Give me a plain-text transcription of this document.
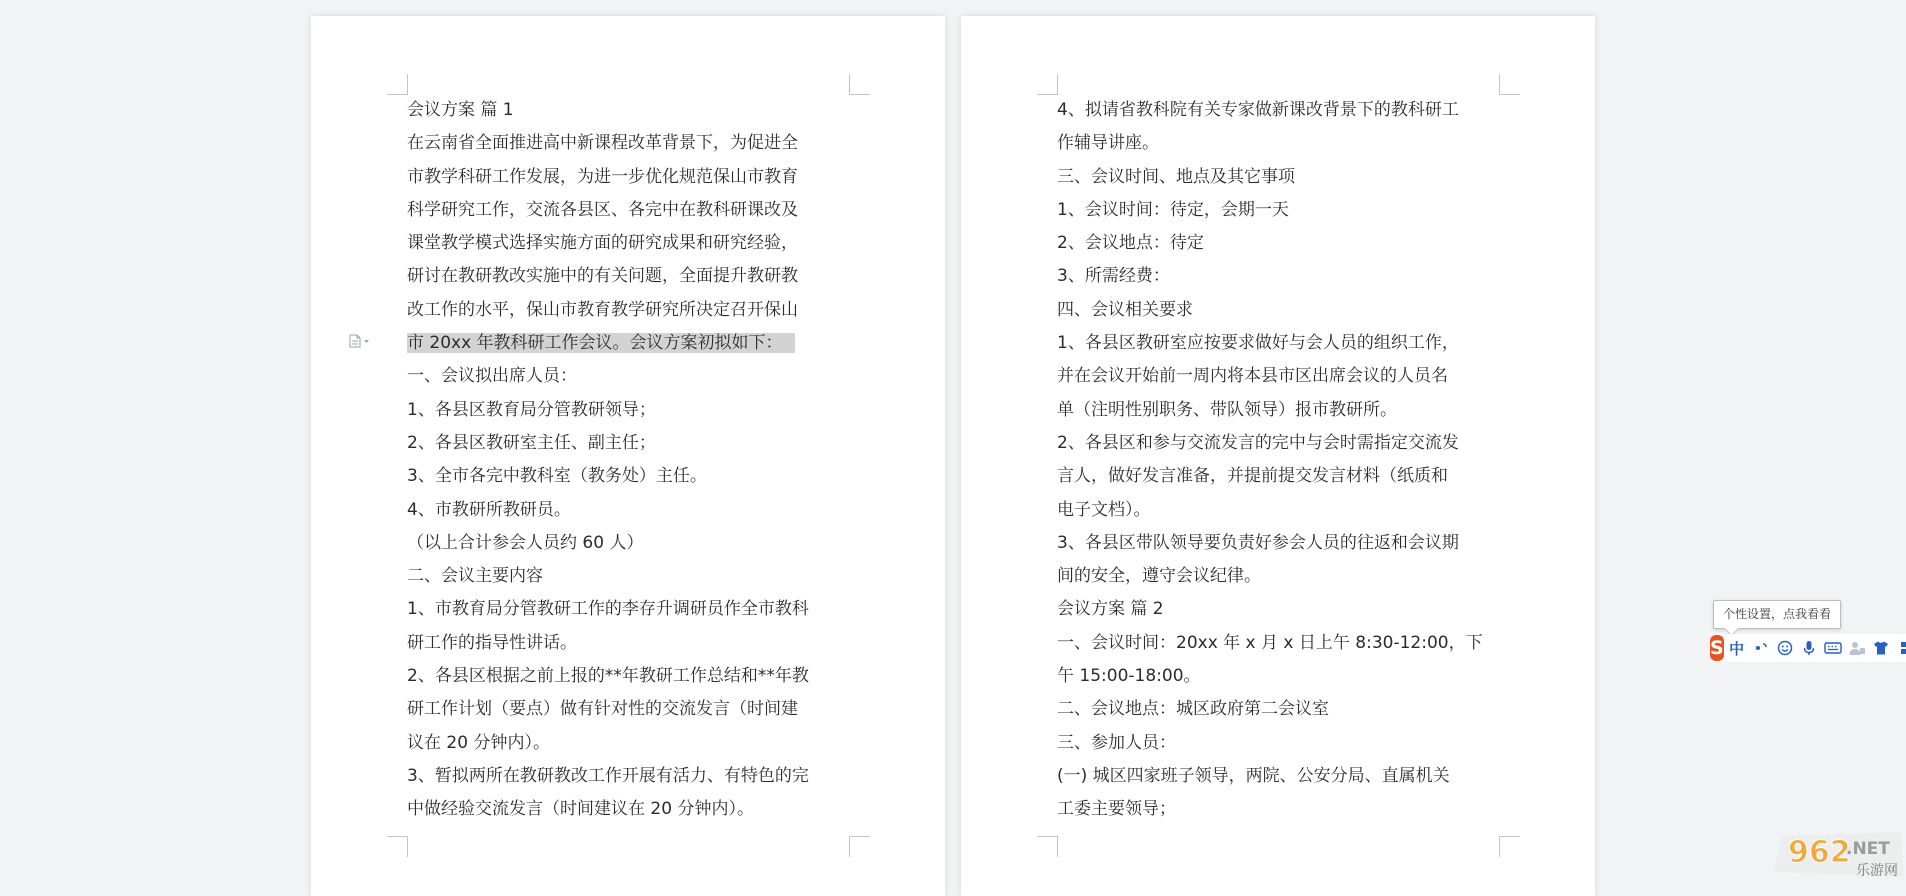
会议方案 篇 1
在云南省全面推进高中新课程改革背景下，为促进全
市教学科研工作发展，为进一步优化规范保山市教育
科学研究工作，交流各县区、各完中在教科研课改及
课堂教学模式选择实施方面的研究成果和研究经验，
研讨在教研教改实施中的有关问题，全面提升教研教
改工作的水平，保山市教育教学研究所决定召开保山
市 20xx 年教科研工作会议。会议方案初拟如下：
一、会议拟出席人员：
1、各县区教育局分管教研领导；
2、各县区教研室主任、副主任；
3、全市各完中教科室（教务处）主任。
4、市教研所教研员。
（以上合计参会人员约 60 人）
二、会议主要内容
1、市教育局分管教研工作的李存升调研员作全市教科
研工作的指导性讲话。
2、各县区根据之前上报的**年教研工作总结和**年教
研工作计划（要点）做有针对性的交流发言（时间建
议在 20 分钟内）。
3、暂拟两所在教研教改工作开展有活力、有特色的完
中做经验交流发言（时间建议在 20 分钟内）。
4、拟请省教科院有关专家做新课改背景下的教科研工
作辅导讲座。
三、会议时间、地点及其它事项
1、会议时间：待定，会期一天
2、会议地点：待定
3、所需经费：
四、会议相关要求
1、各县区教研室应按要求做好与会人员的组织工作，
并在会议开始前一周内将本县市区出席会议的人员名
单（注明性别职务、带队领导）报市教研所。
2、各县区和参与交流发言的完中与会时需指定交流发
言人，做好发言准备，并提前提交发言材料（纸质和
电子文档）。
3、各县区带队领导要负责好参会人员的往返和会议期
间的安全，遵守会议纪律。
会议方案 篇 2
一、会议时间：20xx 年 x 月 x 日上午 8:30-12:00，下
午 15:00-18:00。
二、会议地点：城区政府第二会议室
三、参加人员：
(一) 城区四家班子领导，两院、公安分局、直属机关
工委主要领导；
个性设置，点我看看
S 中
962
.NET
乐游网
